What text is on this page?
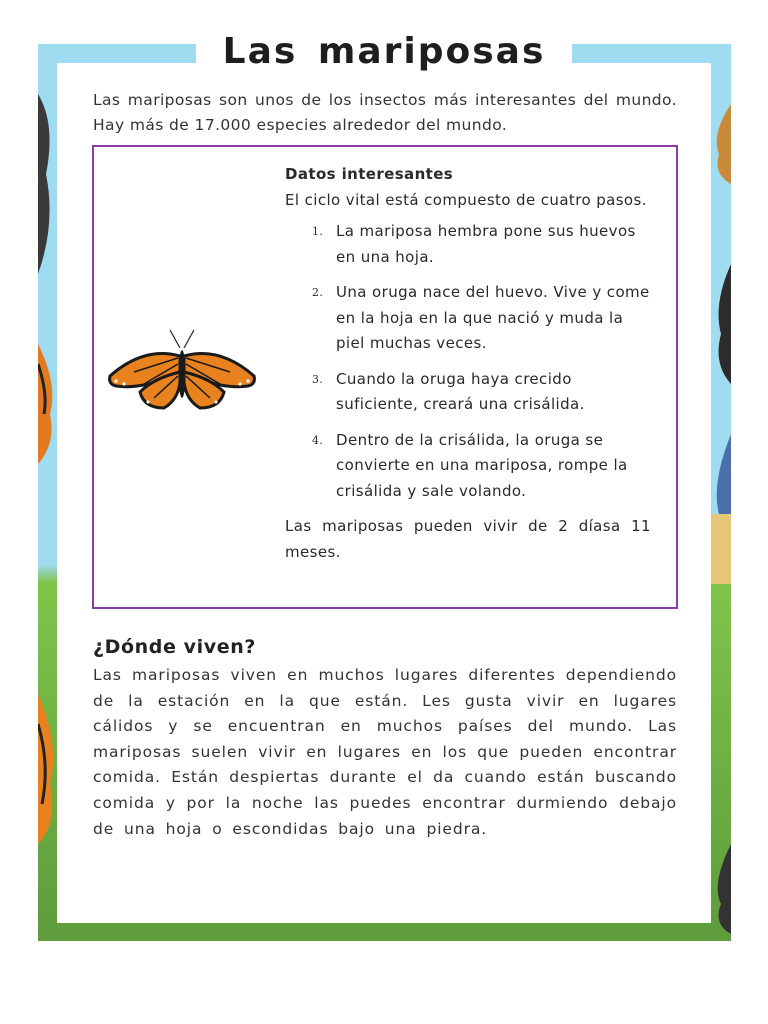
Las mariposas

Las mariposas son unos de los insectos más interesantes del mundo. Hay más de 17.000 especies alrededor del mundo.

Datos interesantes
El ciclo vital está compuesto de cuatro pasos.
1. La mariposa hembra pone sus huevos en una hoja.
2. Una oruga nace del huevo. Vive y come en la hoja en la que nació y muda la piel muchas veces.
3. Cuando la oruga haya crecido suficiente, creará una crisálida.
4. Dentro de la crisálida, la oruga se convierte en una mariposa, rompe la crisálida y sale volando.
Las mariposas pueden vivir de 2 díasa 11 meses.
¿Dónde viven?

Las mariposas viven en muchos lugares diferentes dependiendo de la estación en la que están. Les gusta vivir en lugares cálidos y se encuentran en muchos países del mundo. Las mariposas suelen vivir en lugares en los que pueden encontrar comida. Están despiertas durante el da cuando están buscando comida y por la noche las puedes encontrar durmiendo debajo de una hoja o escondidas bajo una piedra.
